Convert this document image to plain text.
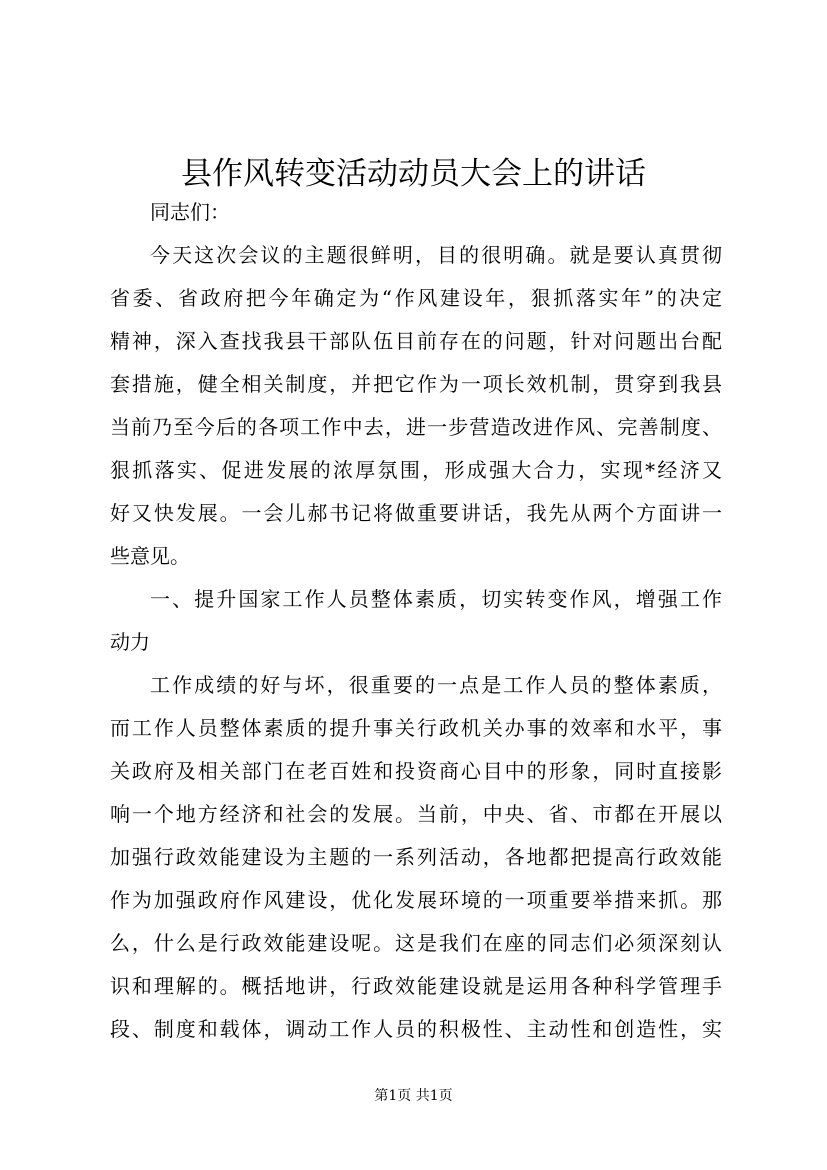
县作风转变活动动员大会上的讲话
同志们：
今天这次会议的主题很鲜明，目的很明确。就是要认真贯彻
省委、省政府把今年确定为“作风建设年，狠抓落实年”的决定
精神，深入查找我县干部队伍目前存在的问题，针对问题出台配
套措施，健全相关制度，并把它作为一项长效机制，贯穿到我县
当前乃至今后的各项工作中去，进一步营造改进作风、完善制度、
狠抓落实、促进发展的浓厚氛围，形成强大合力，实现*经济又
好又快发展。一会儿郝书记将做重要讲话，我先从两个方面讲一
些意见。
一、提升国家工作人员整体素质，切实转变作风，增强工作
动力
工作成绩的好与坏，很重要的一点是工作人员的整体素质，
而工作人员整体素质的提升事关行政机关办事的效率和水平，事
关政府及相关部门在老百姓和投资商心目中的形象，同时直接影
响一个地方经济和社会的发展。当前，中央、省、市都在开展以
加强行政效能建设为主题的一系列活动，各地都把提高行政效能
作为加强政府作风建设，优化发展环境的一项重要举措来抓。那
么，什么是行政效能建设呢。这是我们在座的同志们必须深刻认
识和理解的。概括地讲，行政效能建设就是运用各种科学管理手
段、制度和载体，调动工作人员的积极性、主动性和创造性，实
第1页 共1页
